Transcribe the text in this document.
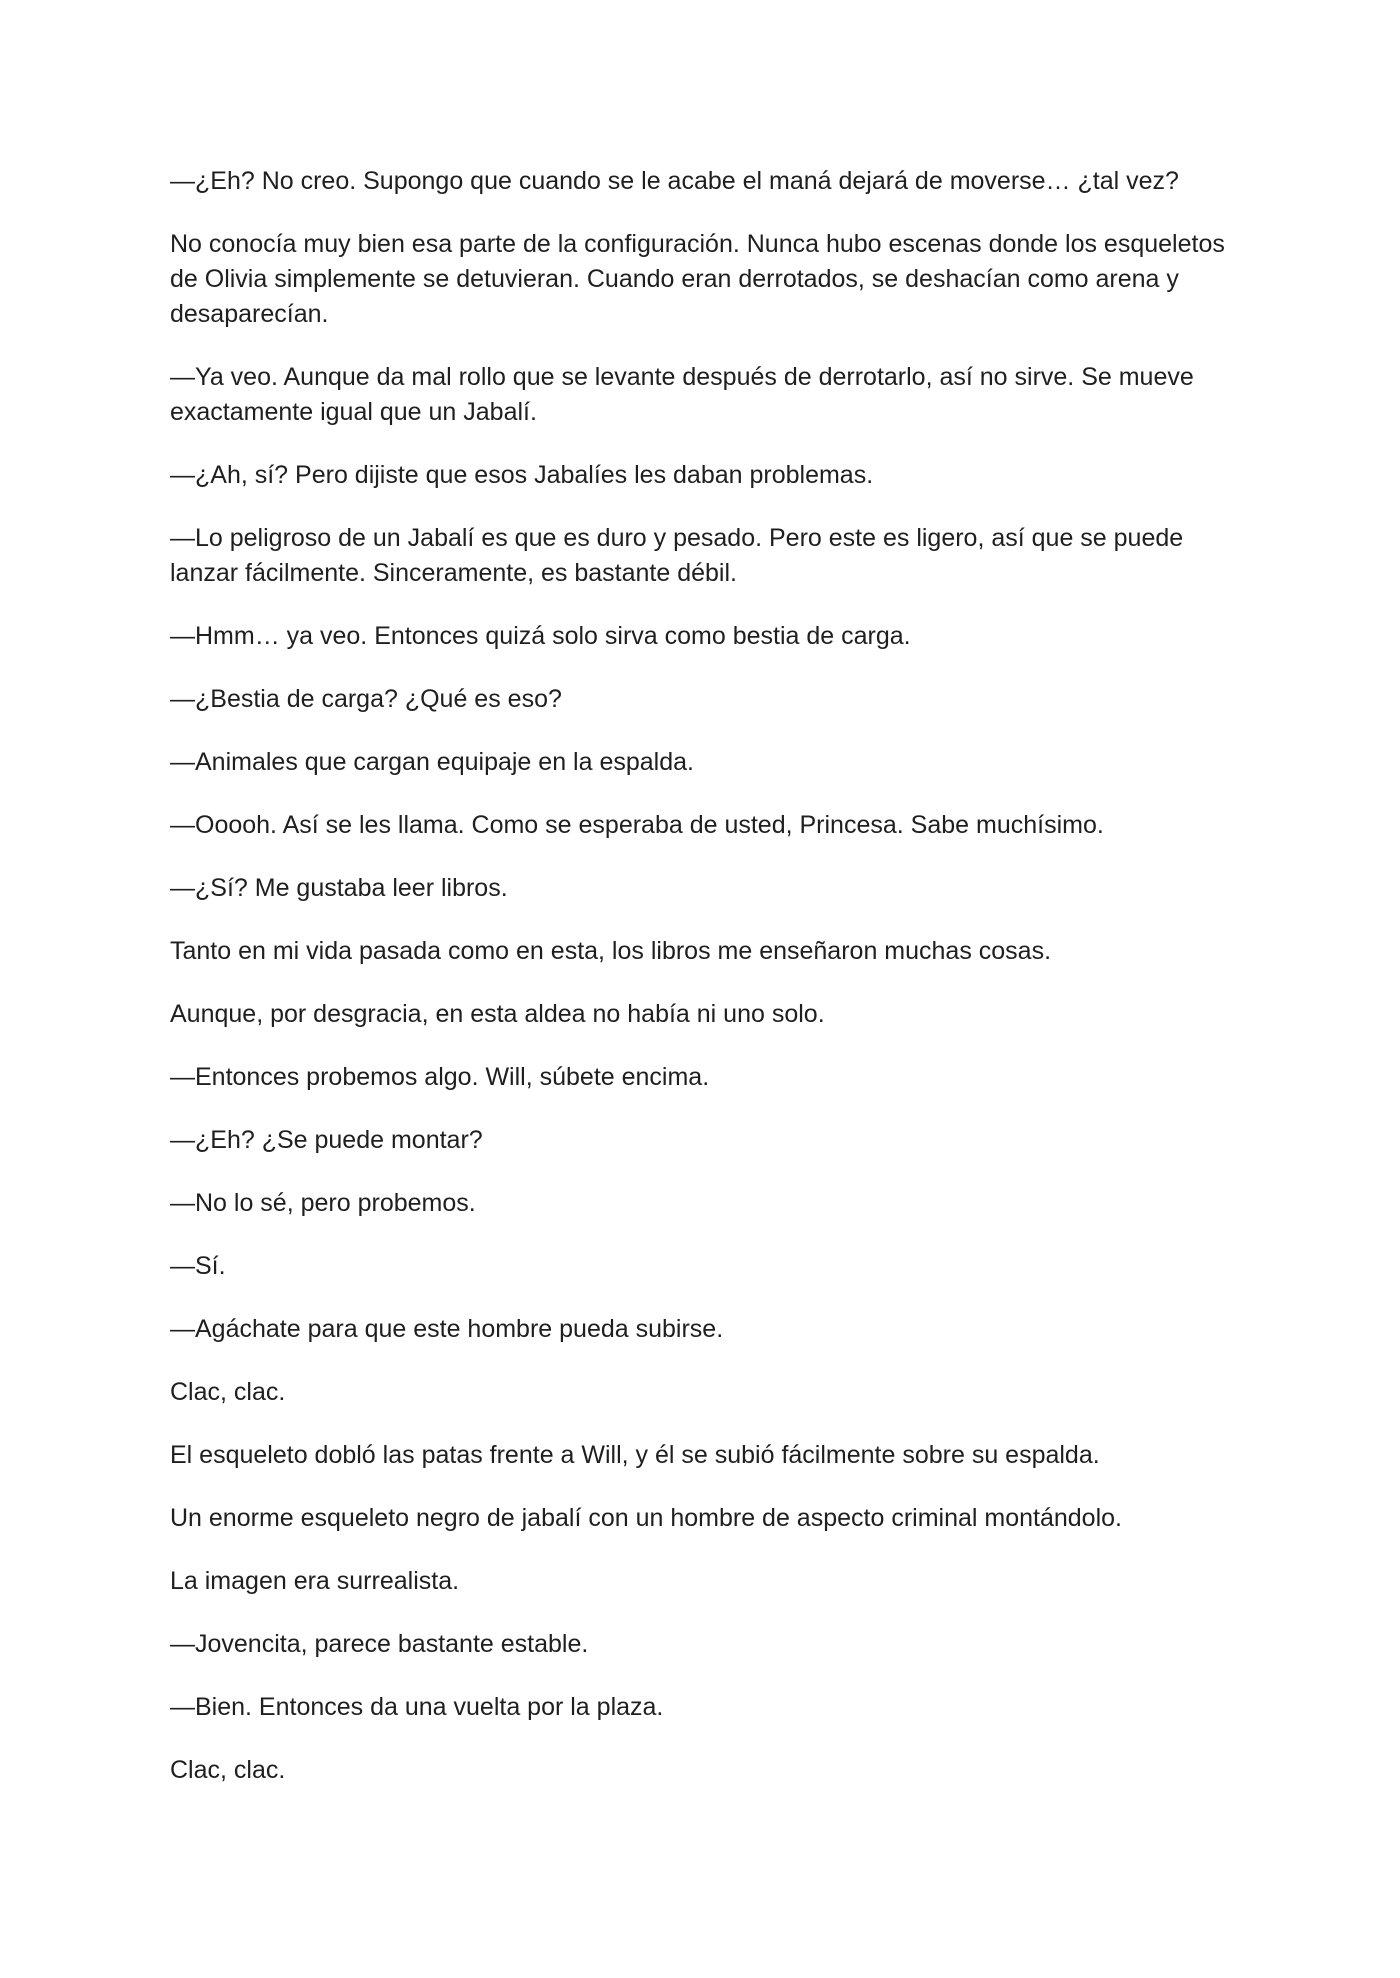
—¿Eh? No creo. Supongo que cuando se le acabe el maná dejará de moverse… ¿tal vez?

No conocía muy bien esa parte de la configuración. Nunca hubo escenas donde los esqueletos de Olivia simplemente se detuvieran. Cuando eran derrotados, se deshacían como arena y desaparecían.

—Ya veo. Aunque da mal rollo que se levante después de derrotarlo, así no sirve. Se mueve exactamente igual que un Jabalí.

—¿Ah, sí? Pero dijiste que esos Jabalíes les daban problemas.

—Lo peligroso de un Jabalí es que es duro y pesado. Pero este es ligero, así que se puede lanzar fácilmente. Sinceramente, es bastante débil.

—Hmm… ya veo. Entonces quizá solo sirva como bestia de carga.

—¿Bestia de carga? ¿Qué es eso?

—Animales que cargan equipaje en la espalda.

—Ooooh. Así se les llama. Como se esperaba de usted, Princesa. Sabe muchísimo.

—¿Sí? Me gustaba leer libros.

Tanto en mi vida pasada como en esta, los libros me enseñaron muchas cosas.

Aunque, por desgracia, en esta aldea no había ni uno solo.

—Entonces probemos algo. Will, súbete encima.

—¿Eh? ¿Se puede montar?

—No lo sé, pero probemos.

—Sí.

—Agáchate para que este hombre pueda subirse.

Clac, clac.

El esqueleto dobló las patas frente a Will, y él se subió fácilmente sobre su espalda.

Un enorme esqueleto negro de jabalí con un hombre de aspecto criminal montándolo.

La imagen era surrealista.

—Jovencita, parece bastante estable.

—Bien. Entonces da una vuelta por la plaza.

Clac, clac.
